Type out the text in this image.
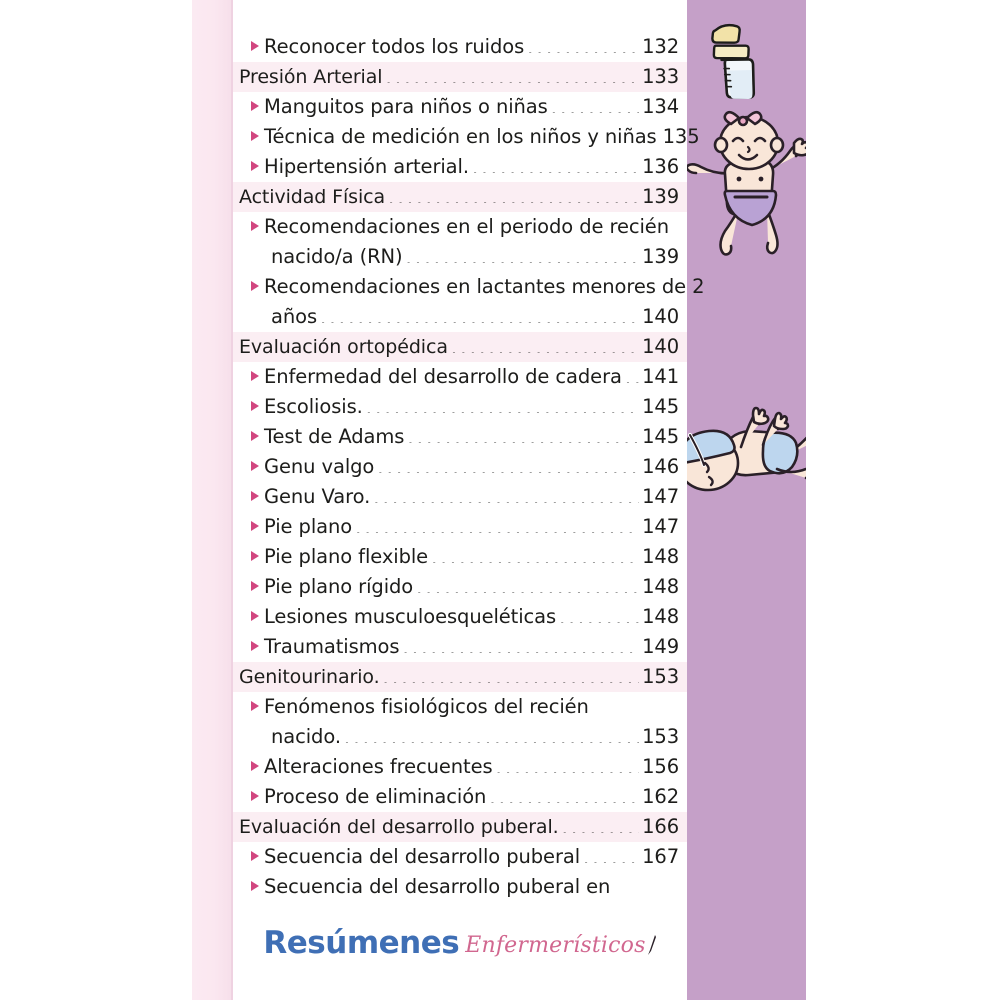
Reconocer todos los ruidos .....	132
Presión Arterial .....	133
Manguitos para niños o niñas .....	134
Técnica de medición en los niños y niñas 135
Hipertensión arterial. .....	136
Actividad Física .....	139
Recomendaciones en el periodo de recién
nacido/a (RN) .....	139
Recomendaciones en lactantes menores de 2
años .....	140
Evaluación ortopédica .....	140
Enfermedad del desarrollo de cadera ..... 141
Escoliosis. .....	145
Test de Adams .....	145
Genu valgo .....	146
Genu Varo. .....	147
Pie plano .....	147
Pie plano flexible .....	148
Pie plano rígido .....	148
Lesiones musculoesqueléticas .....	148
Traumatismos .....	149
Genitourinario. .....	153
Fenómenos fisiológicos del recién
nacido. .....	153
Alteraciones frecuentes .....	156
Proceso de eliminación .....	162
Evaluación del desarrollo puberal. .....	166
Secuencia del desarrollo puberal .....	167
Secuencia del desarrollo puberal en
Resúmenes Enfermerísticos
